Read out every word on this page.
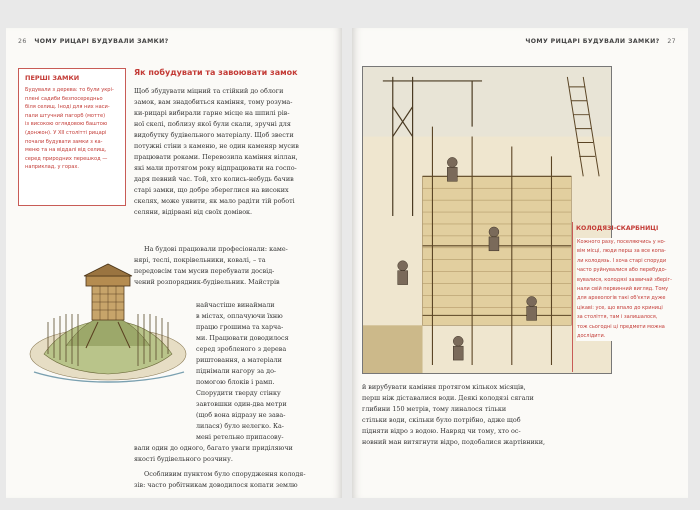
26 ЧОМУ РИЦАРІ БУДУВАЛИ ЗАМКИ?
ПЕРШІ ЗАМКИ
Будували з дерева: то були укрі-
плені садиби безпосередньо
біля селищ. Іноді для них наси-
пали штучний пагорб (мотте)
із високою оглядовою баштою
(донжон). У XII столітті рицарі
почали будувати замки з ка-
меню та на віддалі від селищ,
серед природних перешкод —
наприклад, у горах.
Як побудувати та завоювати замок
Щоб збудувати міцний та стійкий до облоги
замок, вам знадобиться каміння, тому розума-
ки-рицарі вибирали гарне місце на шпилі рів-
ної скелі, поблизу якої були скали, зручні для
видобутку будівельного матеріалу. Щоб звести
потужні стіни з каменю, не один каменяр мусив
працювати роками. Перевозила каміння віллан,
які мали протягом року відпрацювати на госпо-
даря певний час. Той, хто колись-небудь бачив
старі замки, що добре збереглися на високих
скелях, може уявити, як мало радіти тій роботі
селяни, відірвані від своїх домівок.
На будові працювали професіонали: камe-
нярі, теслі, покрівельники, ковалі, – та
передовсім там мусив перебувати досвід-
чений розпорядник-будівельник. Майстрів
найчастіше винаймали
в містах, оплачуючи їхню
працю грошима та харча-
ми. Працювати доводилося
серед зробленого з дерева
риштовання, а матеріали
піднімали нагору за до-
помогою блоків і рамп.
Спорудити тверду стінку
завтовшки один-два метри
(щоб вона відразу не зава-
лилася) було нелегко. Ка-
мені ретельно припасову-
вали один до одного, багато уваги приділяючи
якості будівельного розчину.
Особливим пунктом було спорудження колодя-
зів: часто робітникам доводилося копати землю
ЧОМУ РИЦАРІ БУДУВАЛИ ЗАМКИ? 27
КОЛОДЯЗІ-СКАРБНИЦІ
Кожного разу, поселяючись у но-
вім місці, люди перш за все копа-
ли колодязь. І хоча старі споруди
часто руйнувалися або перебудо-
вувалися, колодязі зазвичай зберіг-
нали свій первинний вигляд. Тому
для археологів такі об'єкти дуже
цікаві: усе, що впало до криниці
за століття, там і залишалося,
тож сьогодні ці предмети можна
дослідити.
й вирубувати каміння протягом кількох місяців,
перш ніж діставалися води. Деякі колодязі сягали
глибини 150 метрів, тому линалося тільки
стільки води, скільки було потрібно, адже щоб
підняти відро з водою. Навряд чи тому, хто ос-
новний ман витягнути відро, подобалися жартівники,
